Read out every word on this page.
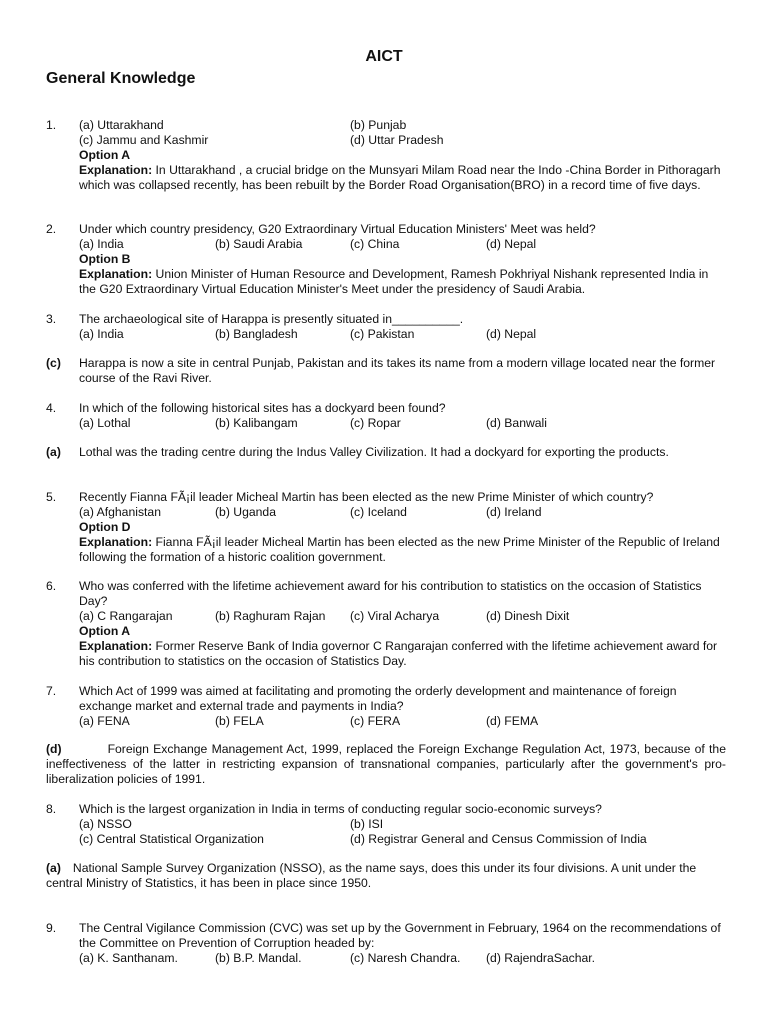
AICT
General Knowledge
1. (a) Uttarakhand	(b) Punjab
(c) Jammu and Kashmir	(d) Uttar Pradesh
Option A

Explanation: In Uttarakhand , a crucial bridge on the Munsyari Milam Road near the Indo -China Border in Pithoragarh which was collapsed recently, has been rebuilt by the Border Road Organisation(BRO) in a record time of five days.

2. Under which country presidency, G20 Extraordinary Virtual Education Ministers' Meet was held?
(a) India	(b) Saudi Arabia	(c) China	(d) Nepal
Option B

Explanation: Union Minister of Human Resource and Development, Ramesh Pokhriyal Nishank represented India in the G20 Extraordinary Virtual Education Minister's Meet under the presidency of Saudi Arabia.

3. The archaeological site of Harappa is presently situated in__________.
(a) India	(b) Bangladesh	(c) Pakistan	(d) Nepal
(c) Harappa is now a site in central Punjab, Pakistan and its takes its name from a modern village located near the former course of the Ravi River.
4. In which of the following historical sites has a dockyard been found?
(a) Lothal	(b) Kalibangam	(c) Ropar	(d) Banwali
(a) Lothal was the trading centre during the Indus Valley Civilization. It had a dockyard for exporting the products.
5. Recently Fianna FÃ¡il leader Micheal Martin has been elected as the new Prime Minister of which country?
(a) Afghanistan	(b) Uganda	(c) Iceland	(d) Ireland
Option D

Explanation: Fianna FÃ¡il leader Micheal Martin has been elected as the new Prime Minister of the Republic of Ireland following the formation of a historic coalition government.

6. Who was conferred with the lifetime achievement award for his contribution to statistics on the occasion of Statistics Day?
(a) C Rangarajan	(b) Raghuram Rajan (c) Viral Acharya	(d) Dinesh Dixit
Option A

Explanation: Former Reserve Bank of India governor C Rangarajan conferred with the lifetime achievement award for his contribution to statistics on the occasion of Statistics Day.

7. Which Act of 1999 was aimed at facilitating and promoting the orderly development and maintenance of foreign exchange market and external trade and payments in India?
(a) FENA	(b) FELA	(c) FERA	(d) FEMA

(d)	Foreign Exchange Management Act, 1999, replaced the Foreign Exchange Regulation Act, 1973, because of the ineffectiveness of the latter in restricting expansion of transnational companies, particularly after the government's pro-liberalization policies of 1991.

8. Which is the largest organization in India in terms of conducting regular socio-economic surveys?
(a) NSSO	(b) ISI
(c) Central Statistical Organization	(d) Registrar General and Census Commission of India

(a) National Sample Survey Organization (NSSO), as the name says, does this under its four divisions. A unit under the central Ministry of Statistics, it has been in place since 1950.

9. The Central Vigilance Commission (CVC) was set up by the Government in February, 1964 on the recommendations of the Committee on Prevention of Corruption headed by:
(a) K. Santhanam.	(b) B.P. Mandal.	(c) Naresh Chandra. (d) RajendraSachar.
